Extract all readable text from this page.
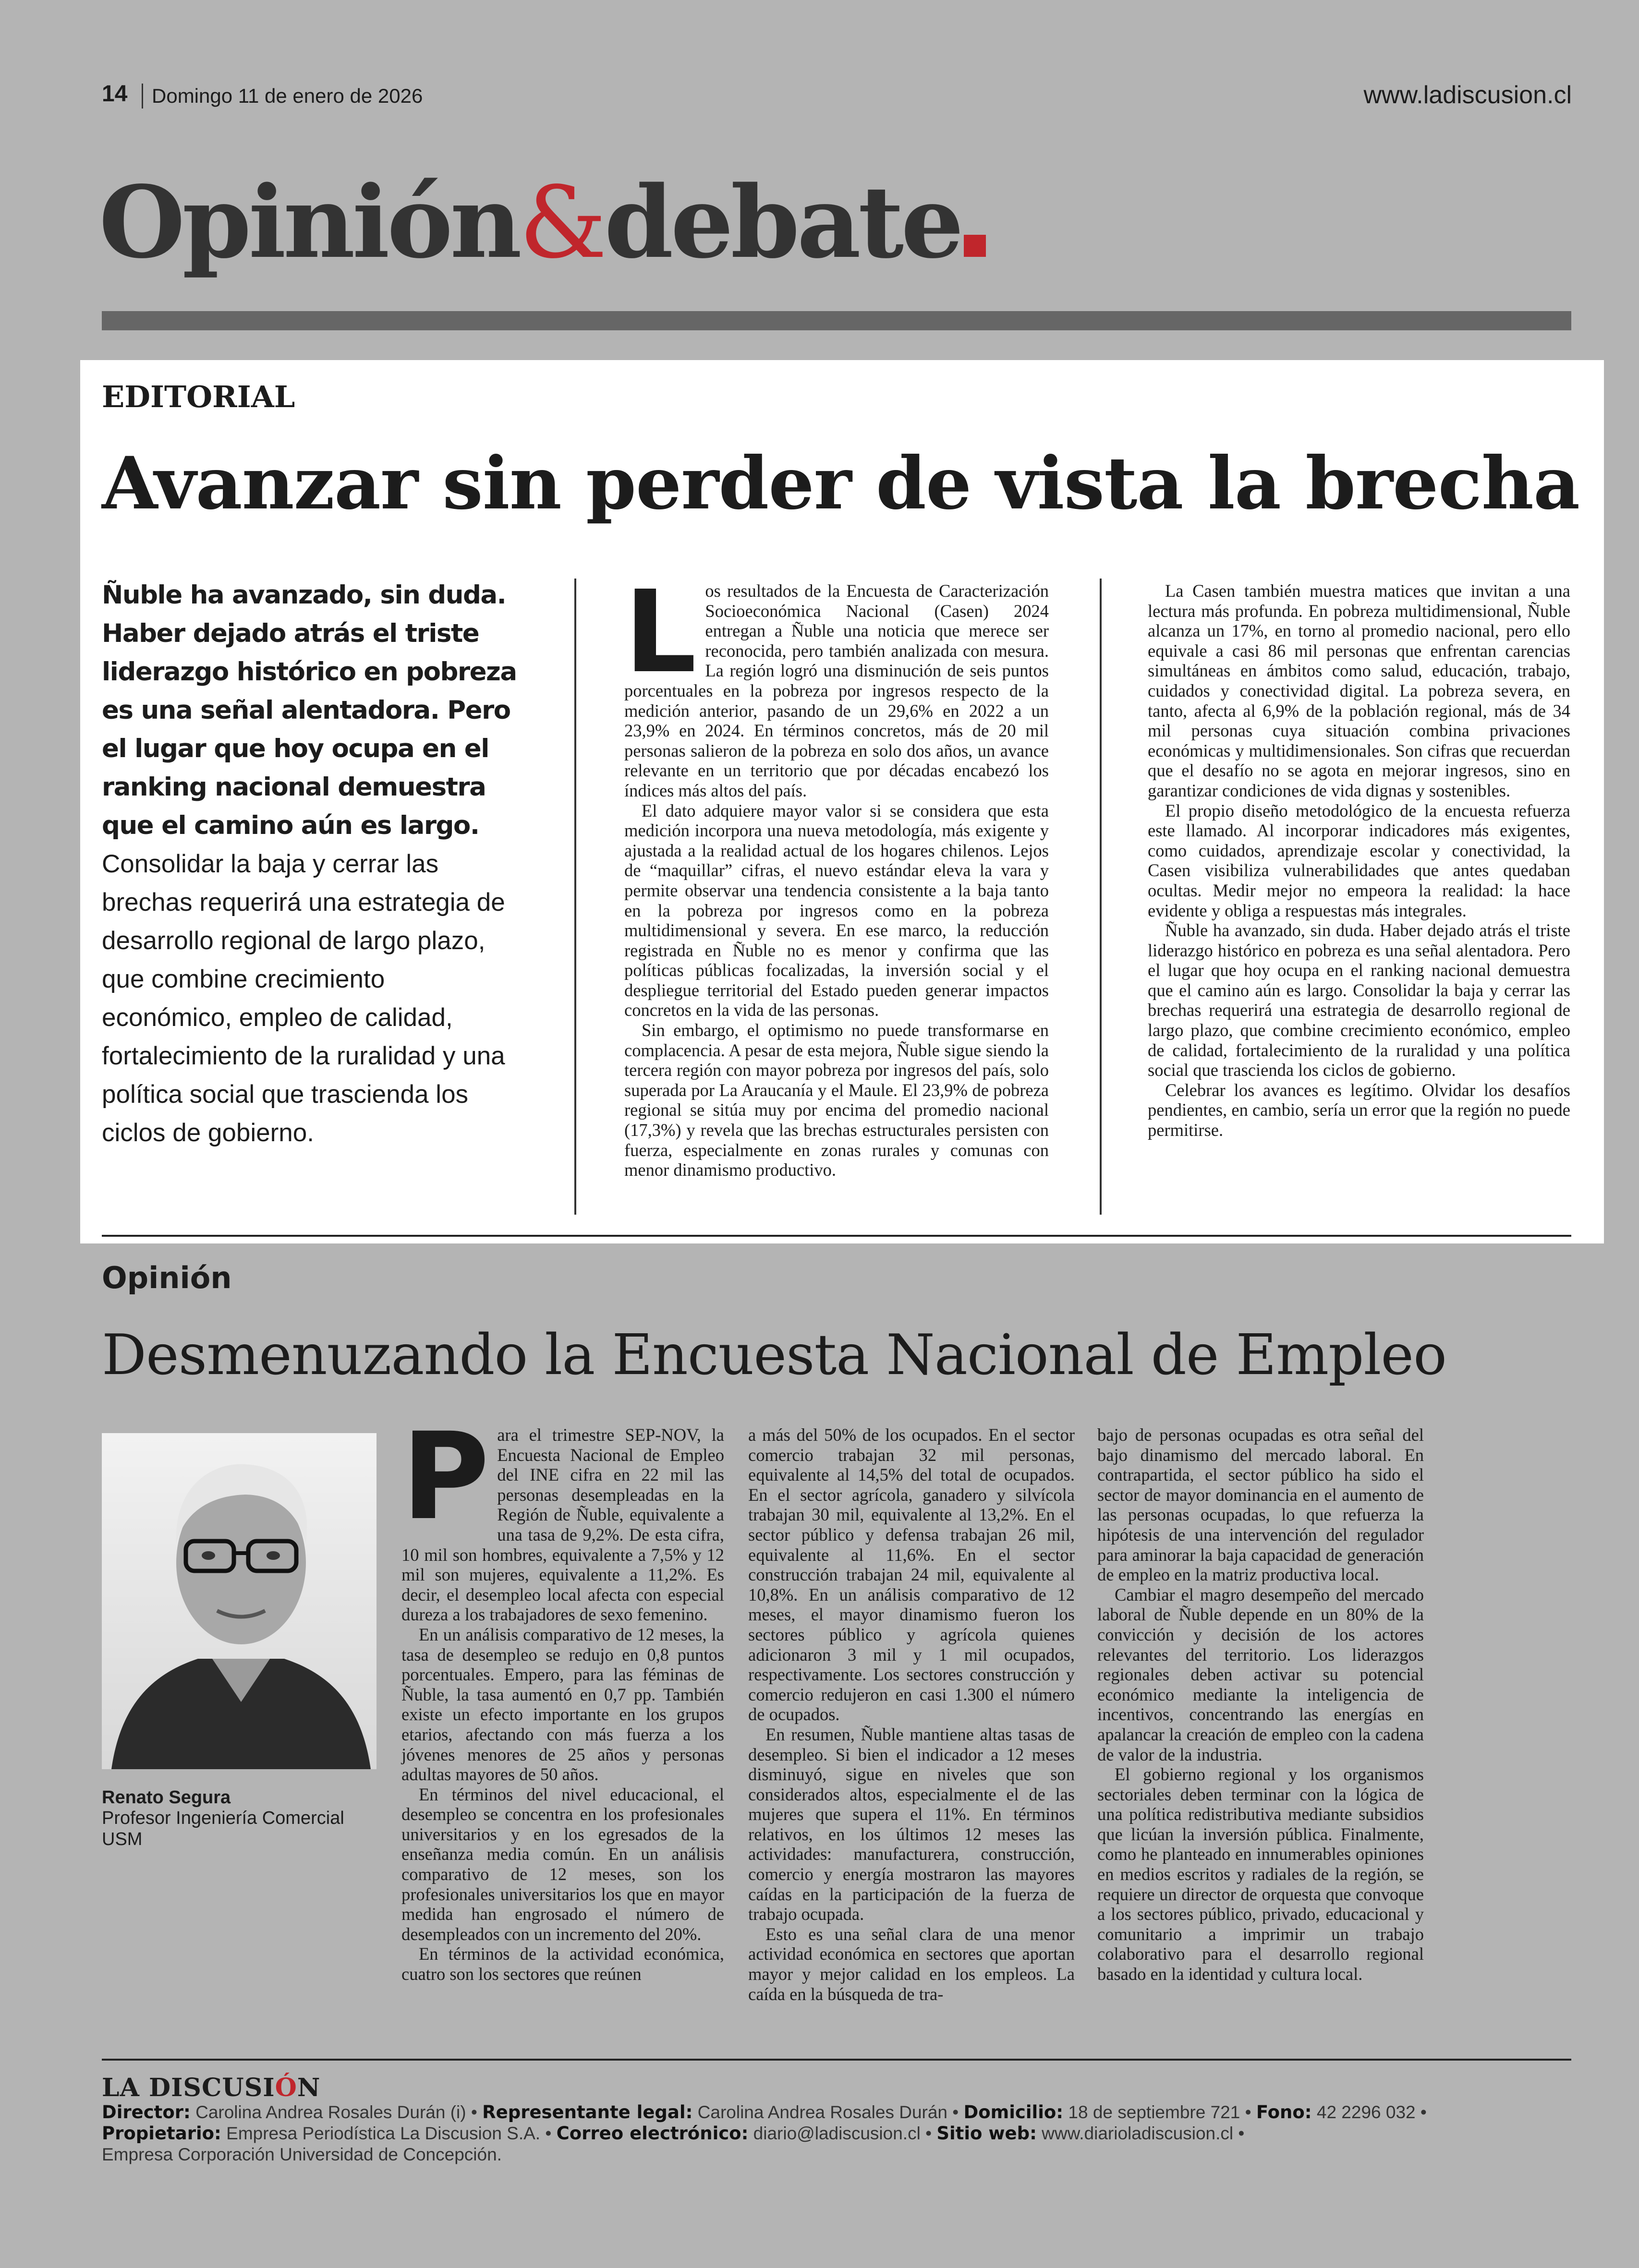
14 Domingo 11 de enero de 2026	www.ladiscusion.cl
Opinión&debate
EDITORIAL
Avanzar sin perder de vista la brecha
Ñuble ha avanzado, sin duda. Haber dejado atrás el triste liderazgo histórico en pobreza es una señal alentadora. Pero el lugar que hoy ocupa en el ranking nacional demuestra que el camino aún es largo. Consolidar la baja y cerrar las brechas requerirá una estrategia de desarrollo regional de largo plazo, que combine crecimiento económico, empleo de calidad, fortalecimiento de la ruralidad y una política social que trascienda los ciclos de gobierno.
L os resultados de la Encuesta de Caracterización Socioeconómica Nacional (Casen) 2024 entregan a Ñuble una noticia que merece ser reconocida, pero también analizada con mesura. La región logró una disminución de seis puntos porcentuales en la pobreza por ingresos respecto de la medición anterior, pasando de un 29,6% en 2022 a un 23,9% en 2024. En términos concretos, más de 20 mil personas salieron de la pobreza en solo dos años, un avance relevante en un territorio que por décadas encabezó los índices más altos del país.

El dato adquiere mayor valor si se considera que esta medición incorpora una nueva metodología, más exigente y ajustada a la realidad actual de los hogares chilenos. Lejos de “maquillar” cifras, el nuevo estándar eleva la vara y permite observar una tendencia consistente a la baja tanto en la pobreza por ingresos como en la pobreza multidimensional y severa. En ese marco, la reducción registrada en Ñuble no es menor y confirma que las políticas públicas focalizadas, la inversión social y el despliegue territorial del Estado pueden generar impactos concretos en la vida de las personas.

Sin embargo, el optimismo no puede transformarse en complacencia. A pesar de esta mejora, Ñuble sigue siendo la tercera región con mayor pobreza por ingresos del país, solo superada por La Araucanía y el Maule. El 23,9% de pobreza regional se sitúa muy por encima del promedio nacional (17,3%) y revela que las brechas estructurales persisten con fuerza, especialmente en zonas rurales y comunas con menor dinamismo productivo.

La Casen también muestra matices que invitan a una lectura más profunda. En pobreza multidimensional, Ñuble alcanza un 17%, en torno al promedio nacional, pero ello equivale a casi 86 mil personas que enfrentan carencias simultáneas en ámbitos como salud, educación, trabajo, cuidados y conectividad digital. La pobreza severa, en tanto, afecta al 6,9% de la población regional, más de 34 mil personas cuya situación combina privaciones económicas y multidimensionales. Son cifras que recuerdan que el desafío no se agota en mejorar ingresos, sino en garantizar condiciones de vida dignas y sostenibles.

El propio diseño metodológico de la encuesta refuerza este llamado. Al incorporar indicadores más exigentes, como cuidados, aprendizaje escolar y conectividad, la Casen visibiliza vulnerabilidades que antes quedaban ocultas. Medir mejor no empeora la realidad: la hace evidente y obliga a respuestas más integrales.

Ñuble ha avanzado, sin duda. Haber dejado atrás el triste liderazgo histórico en pobreza es una señal alentadora. Pero el lugar que hoy ocupa en el ranking nacional demuestra que el camino aún es largo. Consolidar la baja y cerrar las brechas requerirá una estrategia de desarrollo regional de largo plazo, que combine crecimiento económico, empleo de calidad, fortalecimiento de la ruralidad y una política social que trascienda los ciclos de gobierno.

Celebrar los avances es legítimo. Olvidar los desafíos pendientes, en cambio, sería un error que la región no puede permitirse.

Opinión
Desmenuzando la Encuesta Nacional de Empleo
Renato Segura
Profesor Ingeniería Comercial USM
P ara el trimestre SEP-NOV, la Encuesta Nacional de Empleo del INE cifra en 22 mil las personas desempleadas en la Región de Ñuble, equivalente a una tasa de 9,2%. De esta cifra, 10 mil son hombres, equivalente a 7,5% y 12 mil son mujeres, equivalente a 11,2%. Es decir, el desempleo local afecta con especial dureza a los trabajadores de sexo femenino.

En un análisis comparativo de 12 meses, la tasa de desempleo se redujo en 0,8 puntos porcentuales. Empero, para las féminas de Ñuble, la tasa aumentó en 0,7 pp. También existe un efecto importante en los grupos etarios, afectando con más fuerza a los jóvenes menores de 25 años y personas adultas mayores de 50 años.

En términos del nivel educacional, el desempleo se concentra en los profesionales universitarios y en los egresados de la enseñanza media común. En un análisis comparativo de 12 meses, son los profesionales universitarios los que en mayor medida han engrosado el número de desempleados con un incremento del 20%.

En términos de la actividad económica, cuatro son los sectores que reúnen

a más del 50% de los ocupados. En el sector comercio trabajan 32 mil personas, equivalente al 14,5% del total de ocupados. En el sector agrícola, ganadero y silvícola trabajan 30 mil, equivalente al 13,2%. En el sector público y defensa trabajan 26 mil, equivalente al 11,6%. En el sector construcción trabajan 24 mil, equivalente al 10,8%. En un análisis comparativo de 12 meses, el mayor dinamismo fueron los sectores público y agrícola quienes adicionaron 3 mil y 1 mil ocupados, respectivamente. Los sectores construcción y comercio redujeron en casi 1.300 el número de ocupados.

En resumen, Ñuble mantiene altas tasas de desempleo. Si bien el indicador a 12 meses disminuyó, sigue en niveles que son considerados altos, especialmente el de las mujeres que supera el 11%. En términos relativos, en los últimos 12 meses las actividades: manufacturera, construcción, comercio y energía mostraron las mayores caídas en la participación de la fuerza de trabajo ocupada.

Esto es una señal clara de una menor actividad económica en sectores que aportan mayor y mejor calidad en los empleos. La caída en la búsqueda de tra-

bajo de personas ocupadas es otra señal del bajo dinamismo del mercado laboral. En contrapartida, el sector público ha sido el sector de mayor dominancia en el aumento de las personas ocupadas, lo que refuerza la hipótesis de una intervención del regulador para aminorar la baja capacidad de generación de empleo en la matriz productiva local.

Cambiar el magro desempeño del mercado laboral de Ñuble depende en un 80% de la convicción y decisión de los actores relevantes del territorio. Los liderazgos regionales deben activar su potencial económico mediante la inteligencia de incentivos, concentrando las energías en apalancar la creación de empleo con la cadena de valor de la industria.

El gobierno regional y los organismos sectoriales deben terminar con la lógica de una política redistributiva mediante subsidios que licúan la inversión pública. Finalmente, como he planteado en innumerables opiniones en medios escritos y radiales de la región, se requiere un director de orquesta que convoque a los sectores público, privado, educacional y comunitario a imprimir un trabajo colaborativo para el desarrollo regional basado en la identidad y cultura local.

LA DISCUSIÓN
Director: Carolina Andrea Rosales Durán (i) • Representante legal: Carolina Andrea Rosales Durán • Domicilio: 18 de septiembre 721 • Fono: 42 2296 032 •
Propietario: Empresa Periodística La Discusion S.A. • Correo electrónico: diario@ladiscusion.cl • Sitio web: www.diarioladiscusion.cl •
Empresa Corporación Universidad de Concepción.
